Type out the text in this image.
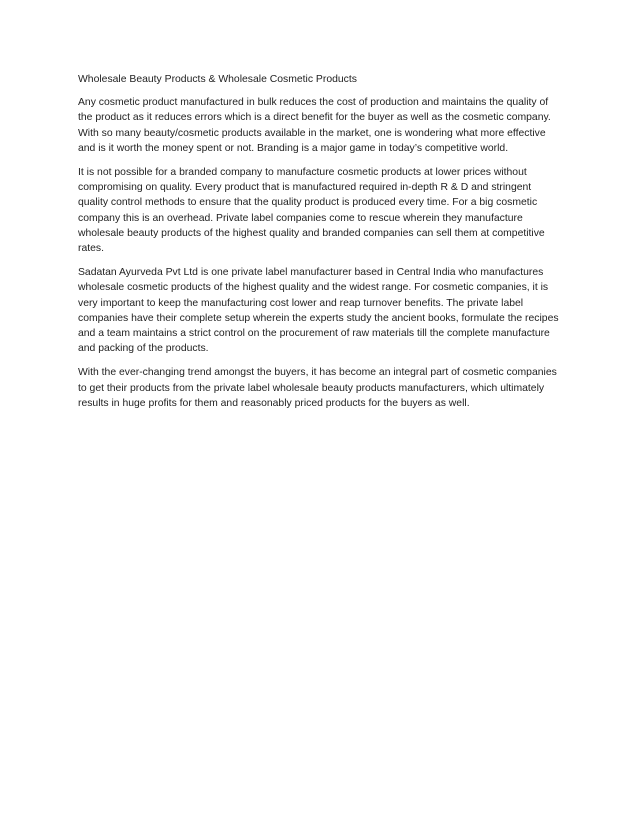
Wholesale Beauty Products & Wholesale Cosmetic Products

Any cosmetic product manufactured in bulk reduces the cost of production and maintains the quality of the product as it reduces errors which is a direct benefit for the buyer as well as the cosmetic company. With so many beauty/cosmetic products available in the market, one is wondering what more effective and is it worth the money spent or not. Branding is a major game in today’s competitive world.

It is not possible for a branded company to manufacture cosmetic products at lower prices without compromising on quality. Every product that is manufactured required in-depth R & D and stringent quality control methods to ensure that the quality product is produced every time. For a big cosmetic company this is an overhead. Private label companies come to rescue wherein they manufacture wholesale beauty products of the highest quality and branded companies can sell them at competitive rates.

Sadatan Ayurveda Pvt Ltd is one private label manufacturer based in Central India who manufactures wholesale cosmetic products of the highest quality and the widest range. For cosmetic companies, it is very important to keep the manufacturing cost lower and reap turnover benefits. The private label companies have their complete setup wherein the experts study the ancient books, formulate the recipes and a team maintains a strict control on the procurement of raw materials till the complete manufacture and packing of the products.

With the ever-changing trend amongst the buyers, it has become an integral part of cosmetic companies to get their products from the private label wholesale beauty products manufacturers, which ultimately results in huge profits for them and reasonably priced products for the buyers as well.
